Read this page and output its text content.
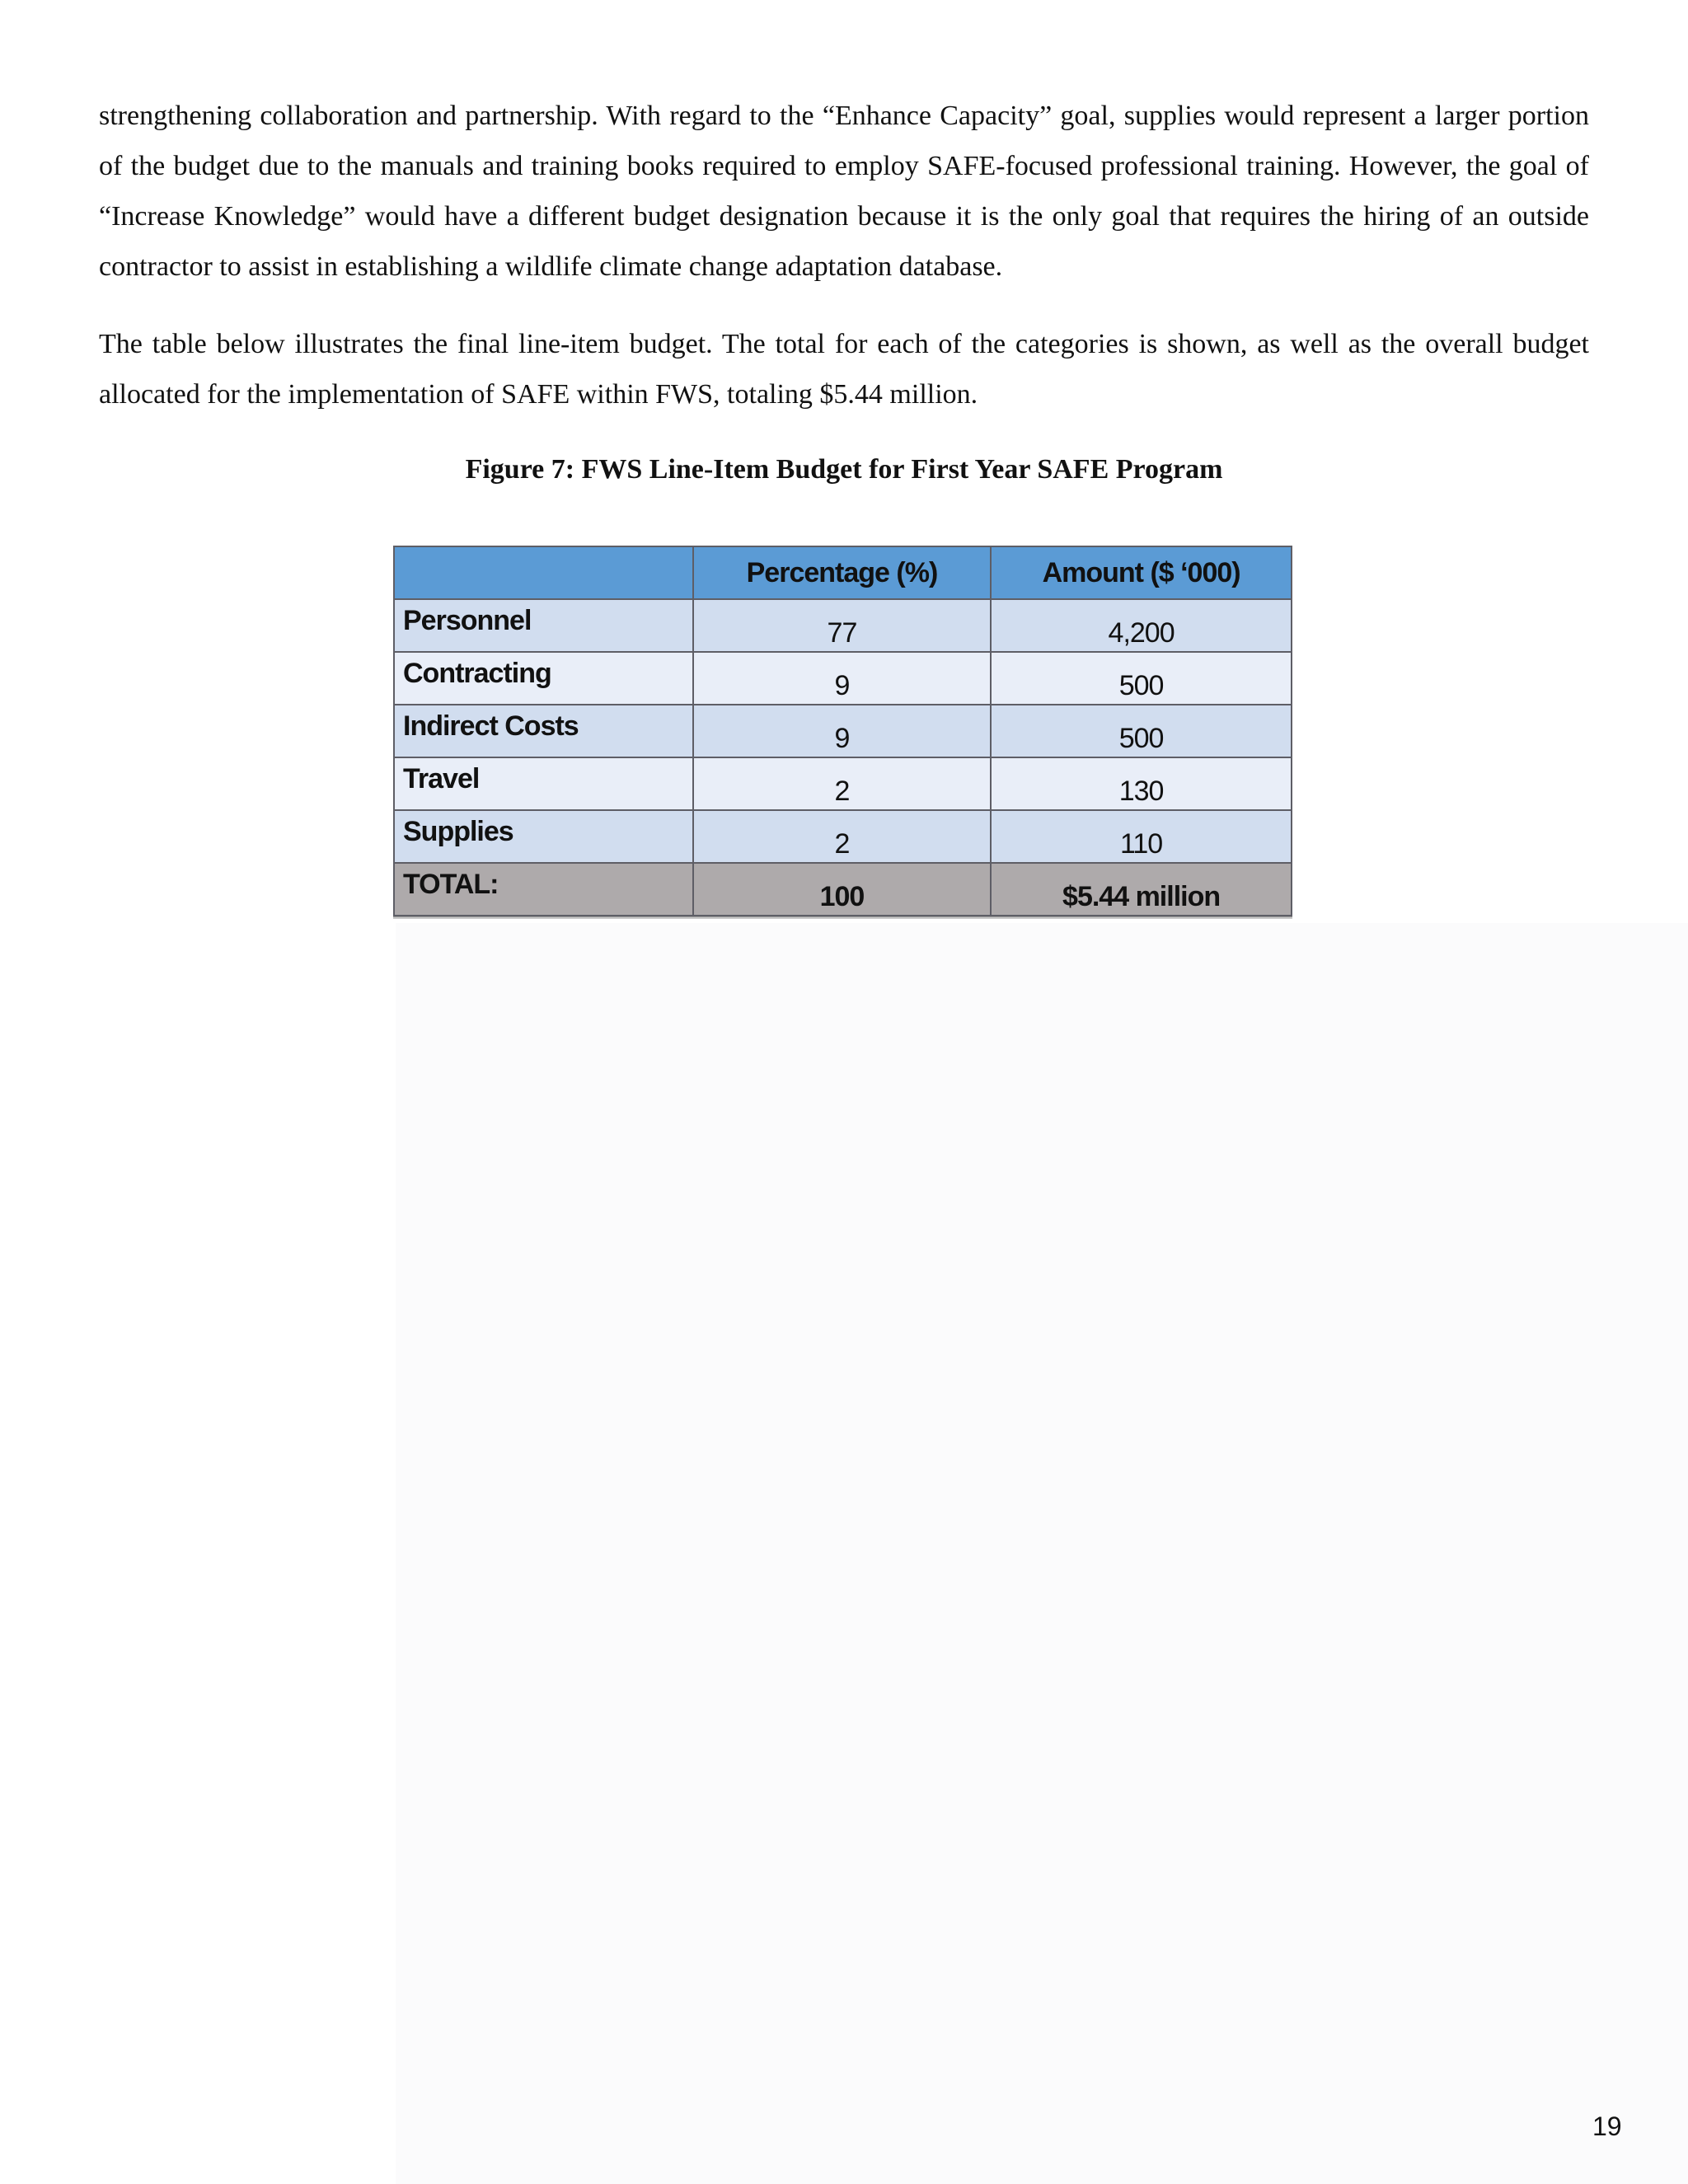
strengthening collaboration and partnership. With regard to the “Enhance Capacity” goal, supplies would represent a larger portion of the budget due to the manuals and training books required to employ SAFE-focused professional training. However, the goal of “Increase Knowledge” would have a different budget designation because it is the only goal that requires the hiring of an outside contractor to assist in establishing a wildlife climate change adaptation database.

The table below illustrates the final line-item budget. The total for each of the categories is shown, as well as the overall budget allocated for the implementation of SAFE within FWS, totaling $5.44 million.

Figure 7: FWS Line-Item Budget for First Year SAFE Program

	Percentage (%)	Amount ($ ‘000)
Personnel	77	4,200
Contracting	9	500
Indirect Costs	9	500
Travel	2	130
Supplies	2	110
TOTAL:	100	$5.44 million

19
